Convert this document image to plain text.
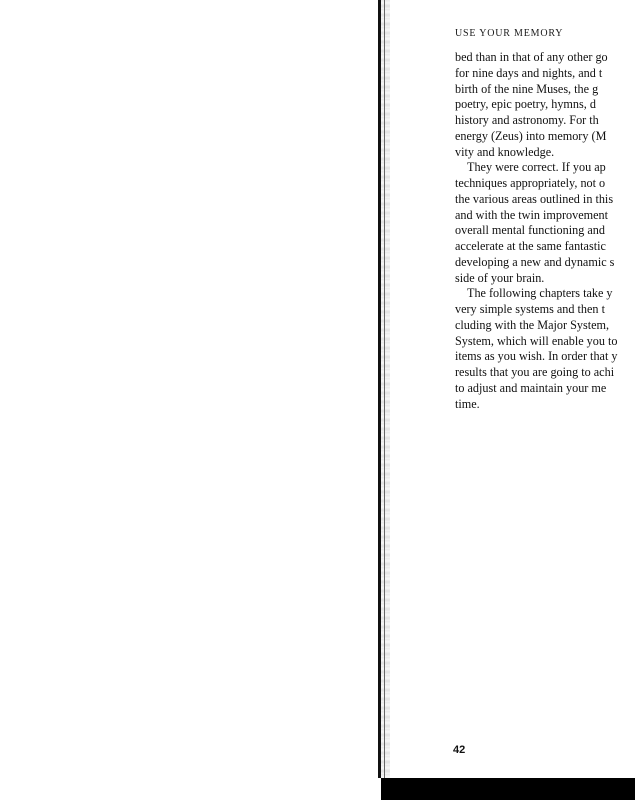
USE YOUR MEMORY
bed than in that of any other go
for nine days and nights, and t
birth of the nine Muses, the g
poetry, epic poetry, hymns, d
history and astronomy. For th
energy (Zeus) into memory (M
vity and knowledge.
They were correct. If you ap
techniques appropriately, not o
the various areas outlined in this
and with the twin improvement
overall mental functioning and
accelerate at the same fantastic
developing a new and dynamic s
side of your brain.
The following chapters take y
very simple systems and then t
cluding with the Major System,
System, which will enable you to
items as you wish. In order that y
results that you are going to achi
to adjust and maintain your me
time.
42
